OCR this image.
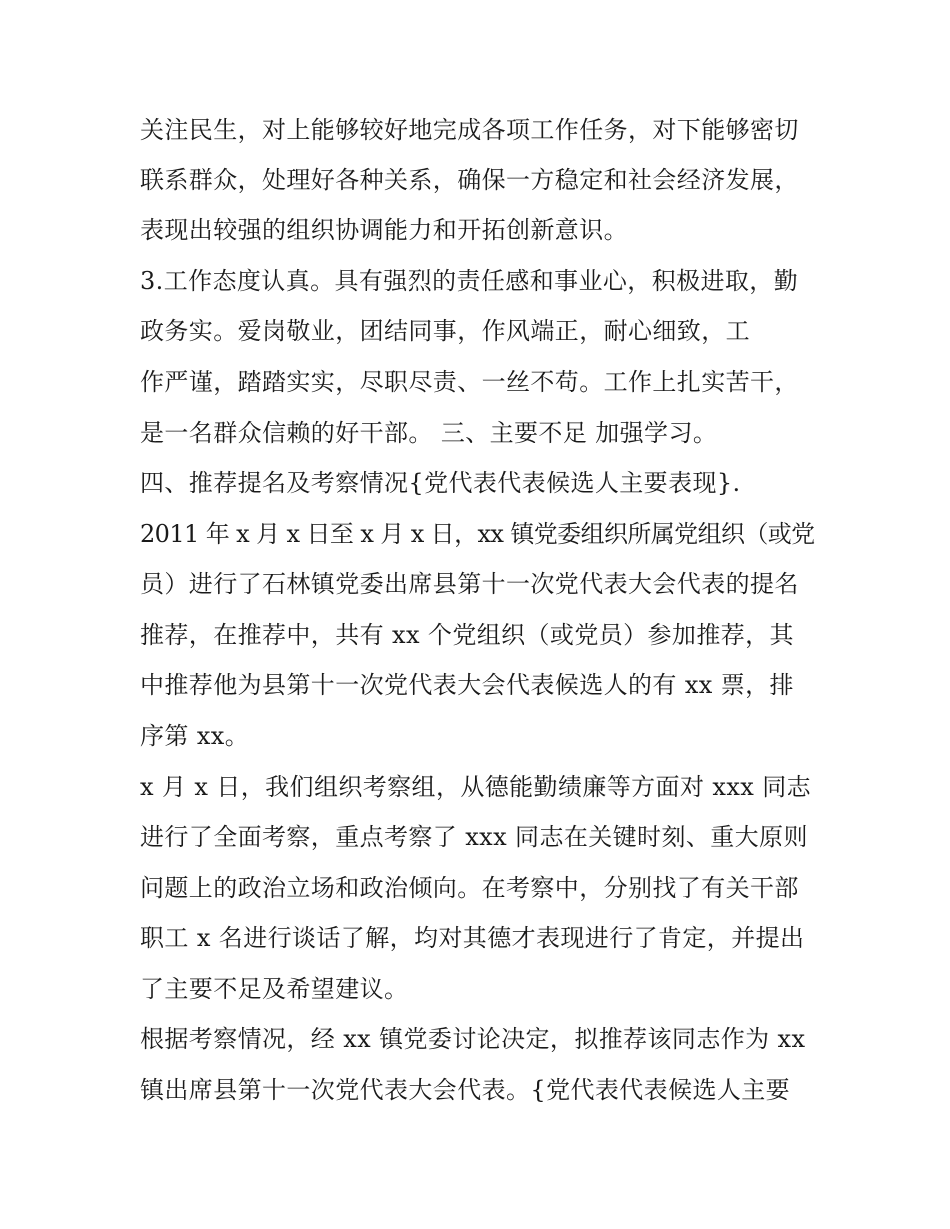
关注民生，对上能够较好地完成各项工作任务，对下能够密切
联系群众，处理好各种关系，确保一方稳定和社会经济发展，
表现出较强的组织协调能力和开拓创新意识。
3.工作态度认真。具有强烈的责任感和事业心，积极进取，勤
政务实。爱岗敬业，团结同事，作风端正，耐心细致，工
作严谨，踏踏实实，尽职尽责、一丝不苟。工作上扎实苦干，
是一名群众信赖的好干部。 三、主要不足 加强学习。
四、推荐提名及考察情况{党代表代表候选人主要表现}.
2011 年 x 月 x 日至 x 月 x 日，xx 镇党委组织所属党组织（或党
员）进行了石林镇党委出席县第十一次党代表大会代表的提名
推荐，在推荐中，共有 xx 个党组织（或党员）参加推荐，其
中推荐他为县第十一次党代表大会代表候选人的有 xx 票，排
序第 xx。
x 月 x 日，我们组织考察组，从德能勤绩廉等方面对 xxx 同志
进行了全面考察，重点考察了 xxx 同志在关键时刻、重大原则
问题上的政治立场和政治倾向。在考察中，分别找了有关干部
职工 x 名进行谈话了解，均对其德才表现进行了肯定，并提出
了主要不足及希望建议。
根据考察情况，经 xx 镇党委讨论决定，拟推荐该同志作为 xx
镇出席县第十一次党代表大会代表。{党代表代表候选人主要
